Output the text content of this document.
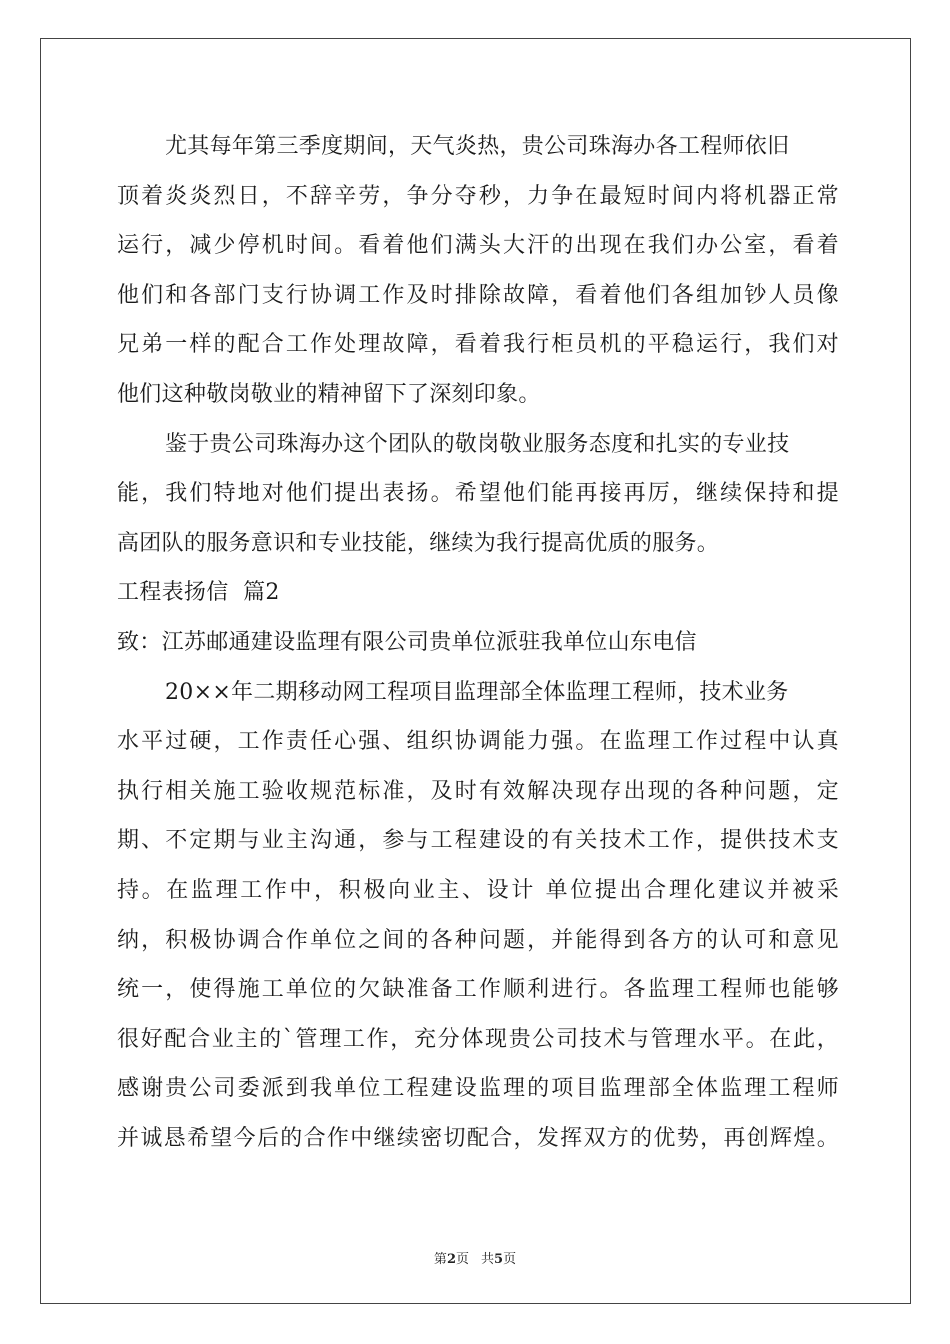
尤其每年第三季度期间，天气炎热，贵公司珠海办各工程师依旧
顶着炎炎烈日，不辞辛劳，争分夺秒，力争在最短时间内将机器正常
运行，减少停机时间。看着他们满头大汗的出现在我们办公室，看着
他们和各部门支行协调工作及时排除故障，看着他们各组加钞人员像
兄弟一样的配合工作处理故障，看着我行柜员机的平稳运行，我们对
他们这种敬岗敬业的精神留下了深刻印象。
鉴于贵公司珠海办这个团队的敬岗敬业服务态度和扎实的专业技
能，我们特地对他们提出表扬。希望他们能再接再厉，继续保持和提
高团队的服务意识和专业技能，继续为我行提高优质的服务。
工程表扬信  篇2
致：江苏邮通建设监理有限公司贵单位派驻我单位山东电信
20××年二期移动网工程项目监理部全体监理工程师，技术业务
水平过硬，工作责任心强、组织协调能力强。在监理工作过程中认真
执行相关施工验收规范标准，及时有效解决现存出现的各种问题，定
期、不定期与业主沟通，参与工程建设的有关技术工作，提供技术支
持。在监理工作中，积极向业主、设计 单位提出合理化建议并被采
纳，积极协调合作单位之间的各种问题，并能得到各方的认可和意见
统一，使得施工单位的欠缺准备工作顺利进行。各监理工程师也能够
很好配合业主的`管理工作，充分体现贵公司技术与管理水平。在此，
感谢贵公司委派到我单位工程建设监理的项目监理部全体监理工程师
并诚恳希望今后的合作中继续密切配合，发挥双方的优势，再创辉煌。
第2页 共5页
